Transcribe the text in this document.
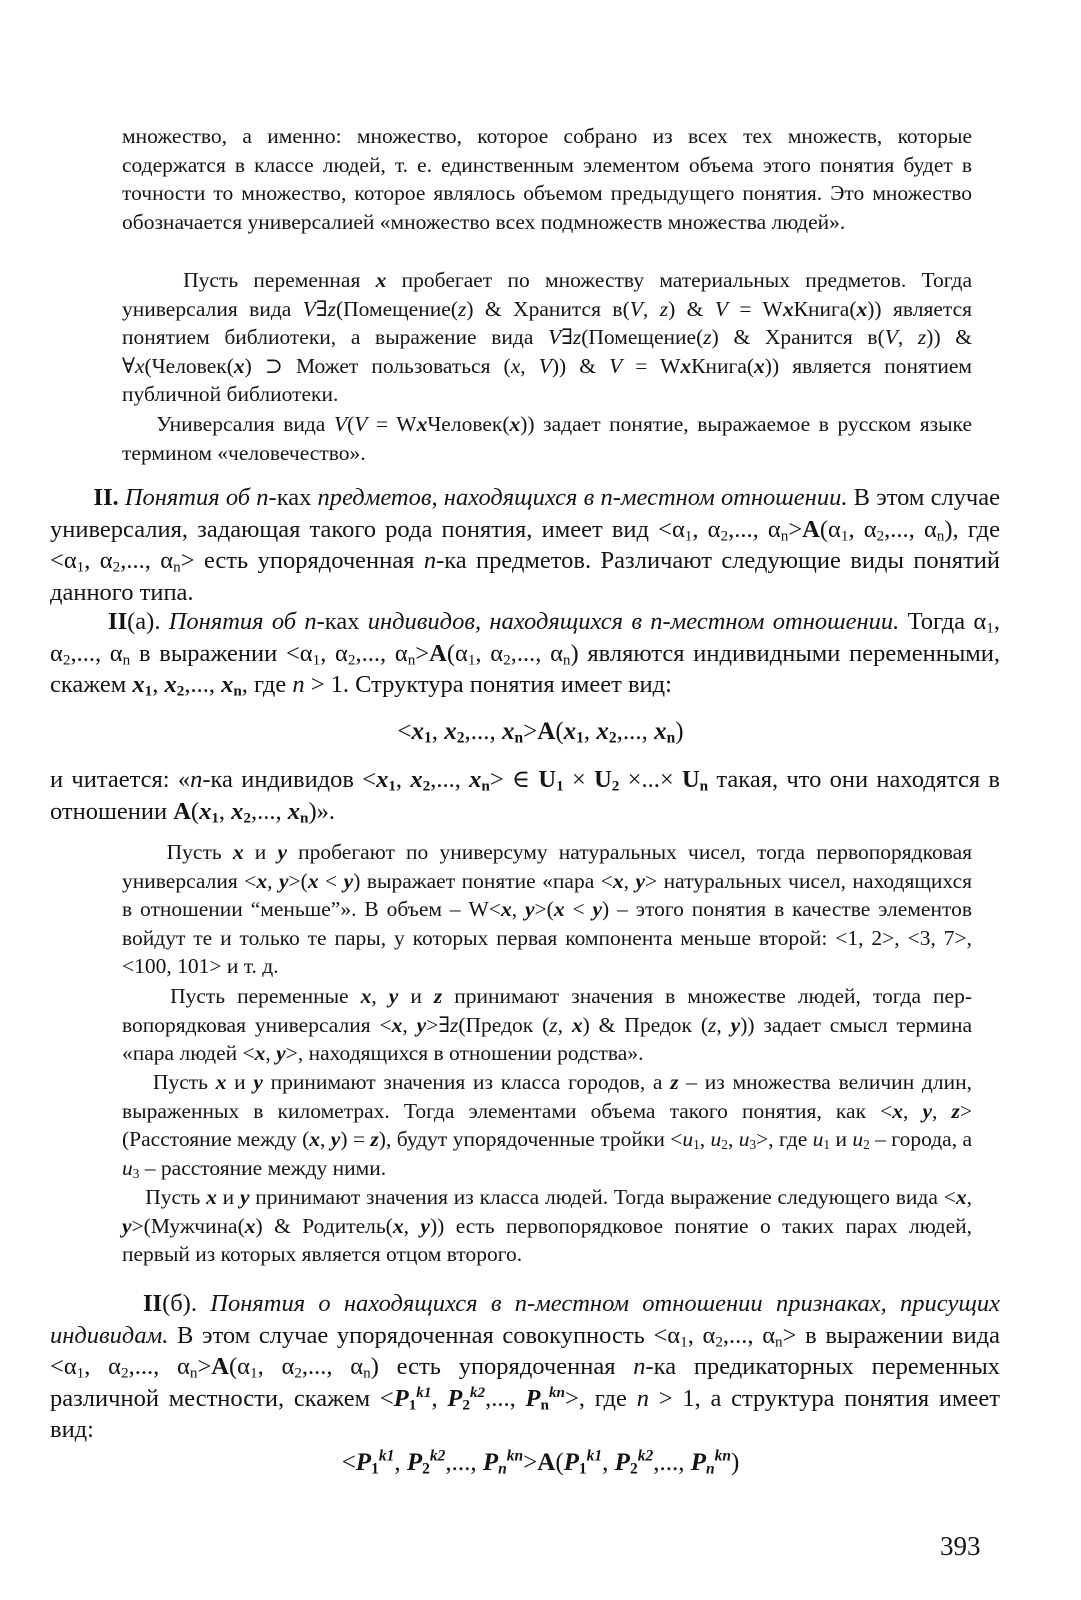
множество, а именно: множество, которое собрано из всех тех множеств, которые содержатся в классе людей, т. е. единственным элементом объема этого понятия будет в точности то множество, которое являлось объемом предыдущего понятия. Это множество обозначается универсалией «множество всех подмножеств множества людей».

Пусть переменная x пробегает по множеству материальных предметов. Тогда универсалия вида V∃z(Помещение(z) & Хранится в(V, z) & V = WxКнига(x)) является понятием библиотеки, а выражение вида V∃z(Помещение(z) & Хранится в(V, z)) & ∀x(Человек(x) ⊃ Может пользоваться (x, V)) & V = WxКнига(x)) является понятием публичной библиотеки.

Универсалия вида V(V = WxЧеловек(x)) задает понятие, выражаемое в русском языке термином «человечество».

II. Понятия об n-ках предметов, находящихся в n-местном отношении. В этом случае универсалия, задающая такого рода понятия, имеет вид $<\alpha_1$, $\alpha_2$,..., $\alpha_n>A(\alpha_1$, $\alpha_2$,..., $\alpha_n$), где $<\alpha_1$, $\alpha_2$,..., $\alpha_n>$ есть упорядоченная n-ка предметов. Различают следующие виды понятий данного типа.

II(а). Понятия об n-ках индивидов, находящихся в n-местном отношении. Тогда $\alpha_1$, $\alpha_2$,..., $\alpha_n$ в выражении $<\alpha_1$, $\alpha_2$,..., $\alpha_n>A(\alpha_1$, $\alpha_2$,..., $\alpha_n$) являются индивидными переменными, скажем $x_1$, $x_2$,..., $x_n$, где n > 1. Структура понятия имеет вид:

$<x_1$, $x_2$,..., $x_n>A(x_1$, $x_2$,..., $x_n$)

и читается: «n-ка индивидов $<x_1$, $x_2$,..., $x_n>$ ∈ $U_1 \times U_2$ ×...× $U_n$ такая, что они находятся в отношении $A(x_1$, $x_2$,..., $x_n$)».

Пусть x и y пробегают по универсуму натуральных чисел, тогда первопорядковая универсалия <x, y>(x < y) выражает понятие «пара <x, y> натуральных чисел, находящихся в отношении “меньше”». В объем – W<x, y>(x < y) – этого понятия в качестве элементов войдут те и только те пары, у которых первая компонента меньше второй: <1, 2>, <3, 7>, <100, 101> и т. д.

Пусть переменные x, y и z принимают значения в множестве людей, тогда первопорядковая универсалия <x, y>∃z(Предок (z, x) & Предок (z, y)) задает смысл термина «пара людей <x, y>, находящихся в отношении родства».

Пусть x и y принимают значения из класса городов, а z – из множества величин длин, выраженных в километрах. Тогда элементами объема такого понятия, как <x, y, z>(Расстояние между (x, y) = z), будут упорядоченные тройки $<u_1$, $u_2$, $u_3>$, где $u_1$ и $u_2$ – города, а $u_3$ – расстояние между ними.

Пусть x и y принимают значения из класса людей. Тогда выражение следующего вида <x, y>(Мужчина(x) & Родитель(x, y)) есть первопорядковое понятие о таких парах людей, первый из которых является отцом второго.

II(б). Понятия о находящихся в n-местном отношении признаках, присущих индивидам. В этом случае упорядоченная совокупность $<\alpha_1$, $\alpha_2$,..., $\alpha_n> в$ выражении вида $<\alpha_1$, $\alpha_2$,..., $\alpha_n>A(\alpha_1$, $\alpha_2$,..., $\alpha_n$) есть упорядоченная n-ка предикаторных переменных различной местности, скажем $<P_1^{k1}$, $P_2^{k2}$,..., $P_n^{kn}>$, где n > 1, а структура понятия имеет вид:

$<P_1^{k1}$, $P_2^{k2}$,..., $P_n^{kn}>A(P_1^{k1}$, $P_2^{k2}$,..., $P_n^{kn}$)

393
